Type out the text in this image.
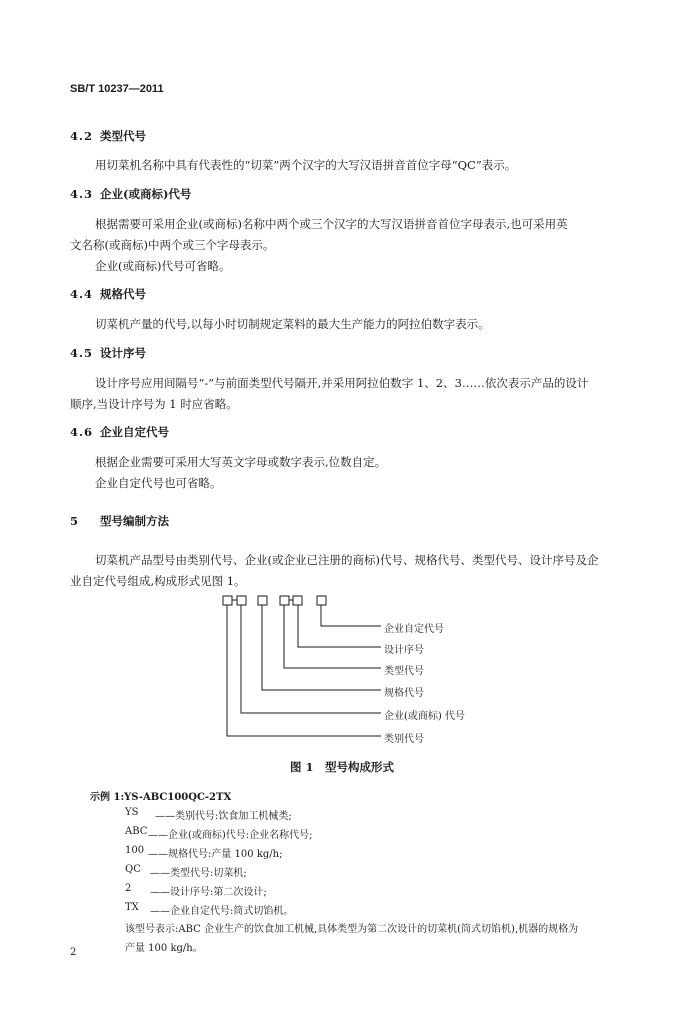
SB/T 10237—2011
4.2 类型代号
用切菜机名称中具有代表性的“切菜”两个汉字的大写汉语拼音首位字母“QC”表示。
4.3 企业(或商标)代号
根据需要可采用企业(或商标)名称中两个或三个汉字的大写汉语拼音首位字母表示,也可采用英
文名称(或商标)中两个或三个字母表示。
企业(或商标)代号可省略。
4.4 规格代号
切菜机产量的代号,以每小时切制规定菜料的最大生产能力的阿拉伯数字表示。
4.5 设计序号
设计序号应用间隔号“-”与前面类型代号隔开,并采用阿拉伯数字 1、2、3……依次表示产品的设计
顺序,当设计序号为 1 时应省略。
4.6 企业自定代号
根据企业需要可采用大写英文字母或数字表示,位数自定。
企业自定代号也可省略。
5 型号编制方法
切菜机产品型号由类别代号、企业(或企业已注册的商标)代号、规格代号、类型代号、设计序号及企
业自定代号组成,构成形式见图 1。
企业自定代号
设计序号
类型代号
规格代号
企业(或商标) 代号
类别代号
图 1　型号构成形式
示例 1:YS-ABC100QC-2TX
YS ——类别代号:饮食加工机械类;
ABC ——企业(或商标)代号:企业名称代号;
100 ——规格代号:产量 100 kg/h;
QC ——类型代号:切菜机;
2 ——设计序号:第二次设计;
TX ——企业自定代号:筒式切馅机。
该型号表示:ABC 企业生产的饮食加工机械,具体类型为第二次设计的切菜机(筒式切馅机),机器的规格为
产量 100 kg/h。
2
